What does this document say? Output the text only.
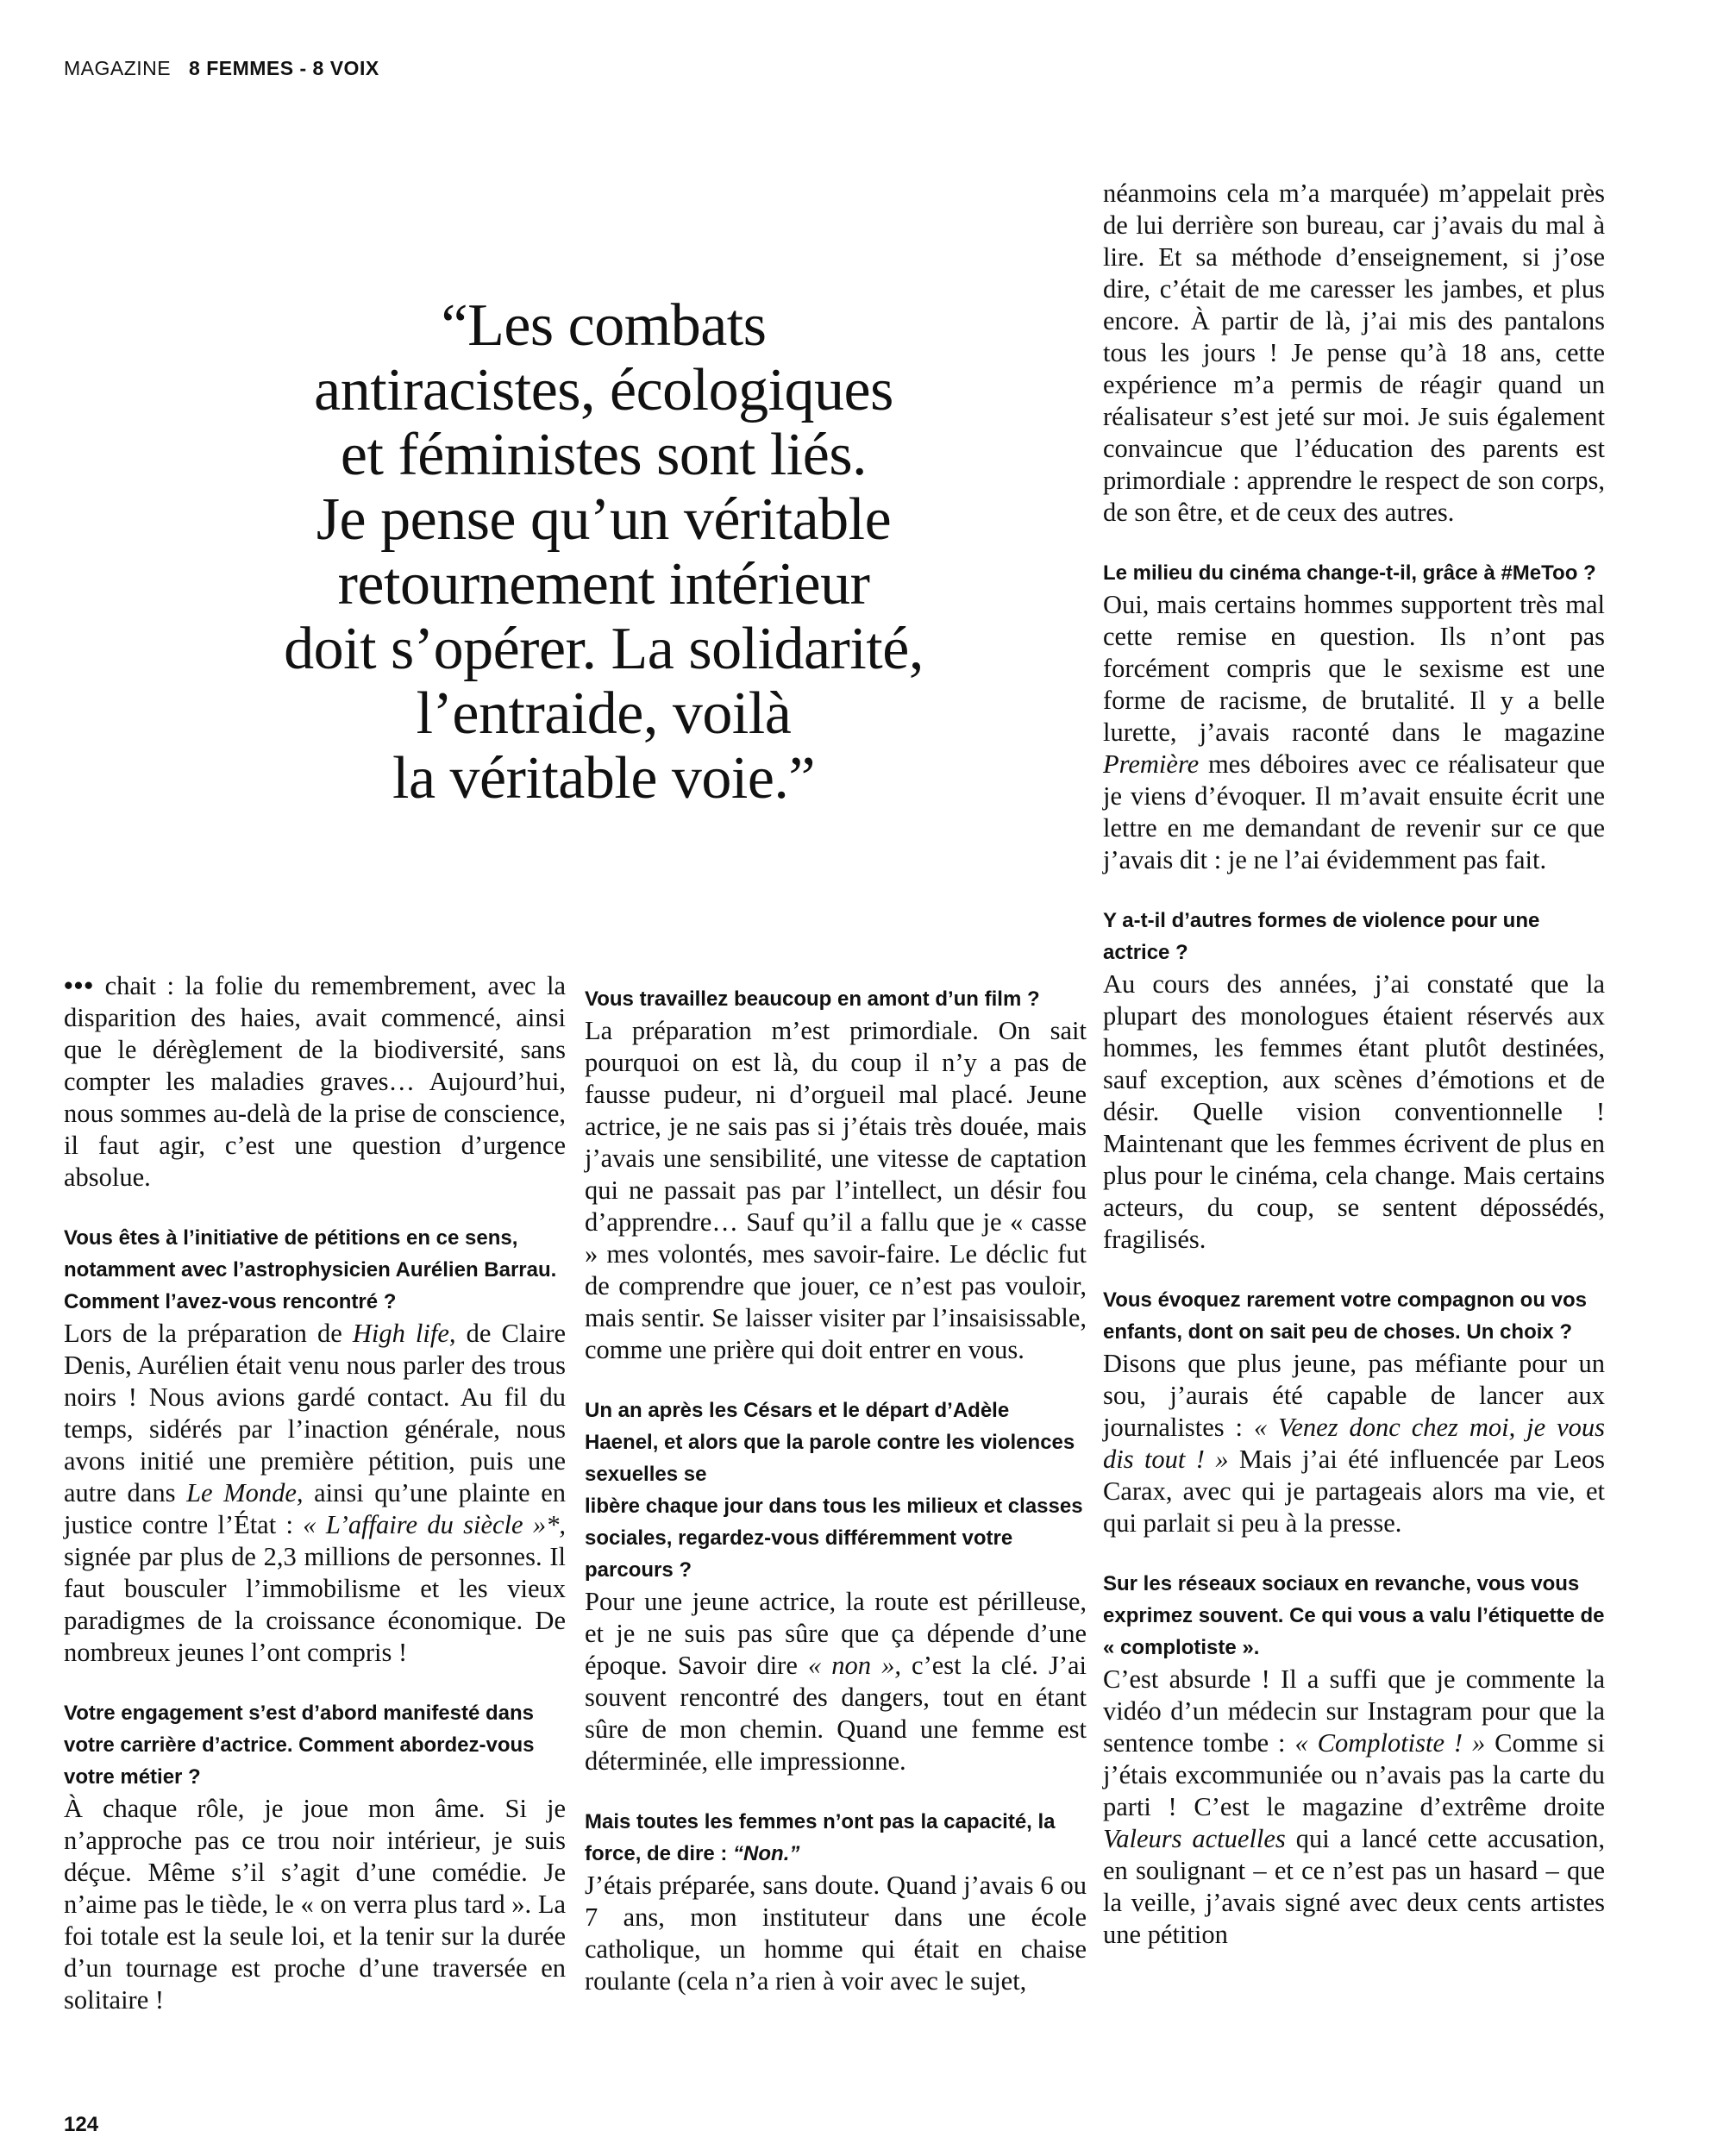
MAGAZINE 8 FEMMES - 8 VOIX
“Les combats
antiracistes, écologiques
et féministes sont liés.
Je pense qu’un véritable
retournement intérieur
doit s’opérer. La solidarité,
l’entraide, voilà
la véritable voie.”

••• chait : la folie du remembrement, avec la disparition des haies, avait commencé, ainsi que le dérèglement de la biodiversité, sans compter les maladies graves… Aujourd’hui, nous sommes au-delà de la prise de conscience, il faut agir, c’est une question d’urgence absolue.

Vous êtes à l’initiative de pétitions en ce sens, notamment avec l’astrophysicien Aurélien Barrau. Comment l’avez-vous rencontré ?

Lors de la préparation de High life, de Claire Denis, Aurélien était venu nous parler des trous noirs ! Nous avions gardé contact. Au fil du temps, sidérés par l’inaction générale, nous avons initié une première pétition, puis une autre dans Le Monde, ainsi qu’une plainte en justice contre l’État : « L’affaire du siècle »*, signée par plus de 2,3 millions de personnes. Il faut bousculer l’immobilisme et les vieux paradigmes de la croissance économique. De nombreux jeunes l’ont compris !

Votre engagement s’est d’abord manifesté dans votre carrière d’actrice. Comment abordez-vous votre métier ?

À chaque rôle, je joue mon âme. Si je n’approche pas ce trou noir intérieur, je suis déçue. Même s’il s’agit d’une comédie. Je n’aime pas le tiède, le « on verra plus tard ». La foi totale est la seule loi, et la tenir sur la durée d’un tournage est proche d’une traversée en solitaire !

Vous travaillez beaucoup en amont d’un film ?

La préparation m’est primordiale. On sait pourquoi on est là, du coup il n’y a pas de fausse pudeur, ni d’orgueil mal placé. Jeune actrice, je ne sais pas si j’étais très douée, mais j’avais une sensibilité, une vitesse de captation qui ne passait pas par l’intellect, un désir fou d’apprendre… Sauf qu’il a fallu que je « casse » mes volontés, mes savoir-faire. Le déclic fut de comprendre que jouer, ce n’est pas vouloir, mais sentir. Se laisser visiter par l’insaisissable, comme une prière qui doit entrer en vous.

Un an après les Césars et le départ d’Adèle Haenel, et alors que la parole contre les violences sexuelles se
libère chaque jour dans tous les milieux et classes sociales, regardez-vous différemment votre parcours ?

Pour une jeune actrice, la route est périlleuse, et je ne suis pas sûre que ça dépende d’une époque. Savoir dire « non », c’est la clé. J’ai souvent rencontré des dangers, tout en étant sûre de mon chemin. Quand une femme est déterminée, elle impressionne.

Mais toutes les femmes n’ont pas la capacité, la force, de dire : “Non.”

J’étais préparée, sans doute. Quand j’avais 6 ou 7 ans, mon instituteur dans une école catholique, un homme qui était en chaise roulante (cela n’a rien à voir avec le sujet,

néanmoins cela m’a marquée) m’appelait près de lui derrière son bureau, car j’avais du mal à lire. Et sa méthode d’enseignement, si j’ose dire, c’était de me caresser les jambes, et plus encore. À partir de là, j’ai mis des pantalons tous les jours ! Je pense qu’à 18 ans, cette expérience m’a permis de réagir quand un réalisateur s’est jeté sur moi. Je suis également convaincue que l’éducation des parents est primordiale : apprendre le respect de son corps, de son être, et de ceux des autres.

Le milieu du cinéma change-t-il, grâce à #MeToo ?

Oui, mais certains hommes supportent très mal cette remise en question. Ils n’ont pas forcément compris que le sexisme est une forme de racisme, de brutalité. Il y a belle lurette, j’avais raconté dans le magazine Première mes déboires avec ce réalisateur que je viens d’évoquer. Il m’avait ensuite écrit une lettre en me demandant de revenir sur ce que j’avais dit : je ne l’ai évidemment pas fait.

Y a-t-il d’autres formes de violence pour une actrice ?

Au cours des années, j’ai constaté que la plupart des monologues étaient réservés aux hommes, les femmes étant plutôt destinées, sauf exception, aux scènes d’émotions et de désir. Quelle vision conventionnelle ! Maintenant que les femmes écrivent de plus en plus pour le cinéma, cela change. Mais certains acteurs, du coup, se sentent dépossédés, fragilisés.

Vous évoquez rarement votre compagnon ou vos enfants, dont on sait peu de choses. Un choix ?

Disons que plus jeune, pas méfiante pour un sou, j’aurais été capable de lancer aux journalistes : « Venez donc chez moi, je vous dis tout ! » Mais j’ai été influencée par Leos Carax, avec qui je partageais alors ma vie, et qui parlait si peu à la presse.

Sur les réseaux sociaux en revanche, vous vous exprimez souvent. Ce qui vous a valu l’étiquette de « complotiste ».

C’est absurde ! Il a suffi que je commente la vidéo d’un médecin sur Instagram pour que la sentence tombe : « Complotiste ! » Comme si j’étais excommuniée ou n’avais pas la carte du parti ! C’est le magazine d’extrême droite Valeurs actuelles qui a lancé cette accusation, en soulignant – et ce n’est pas un hasard – que la veille, j’avais signé avec deux cents artistes une pétition

124
